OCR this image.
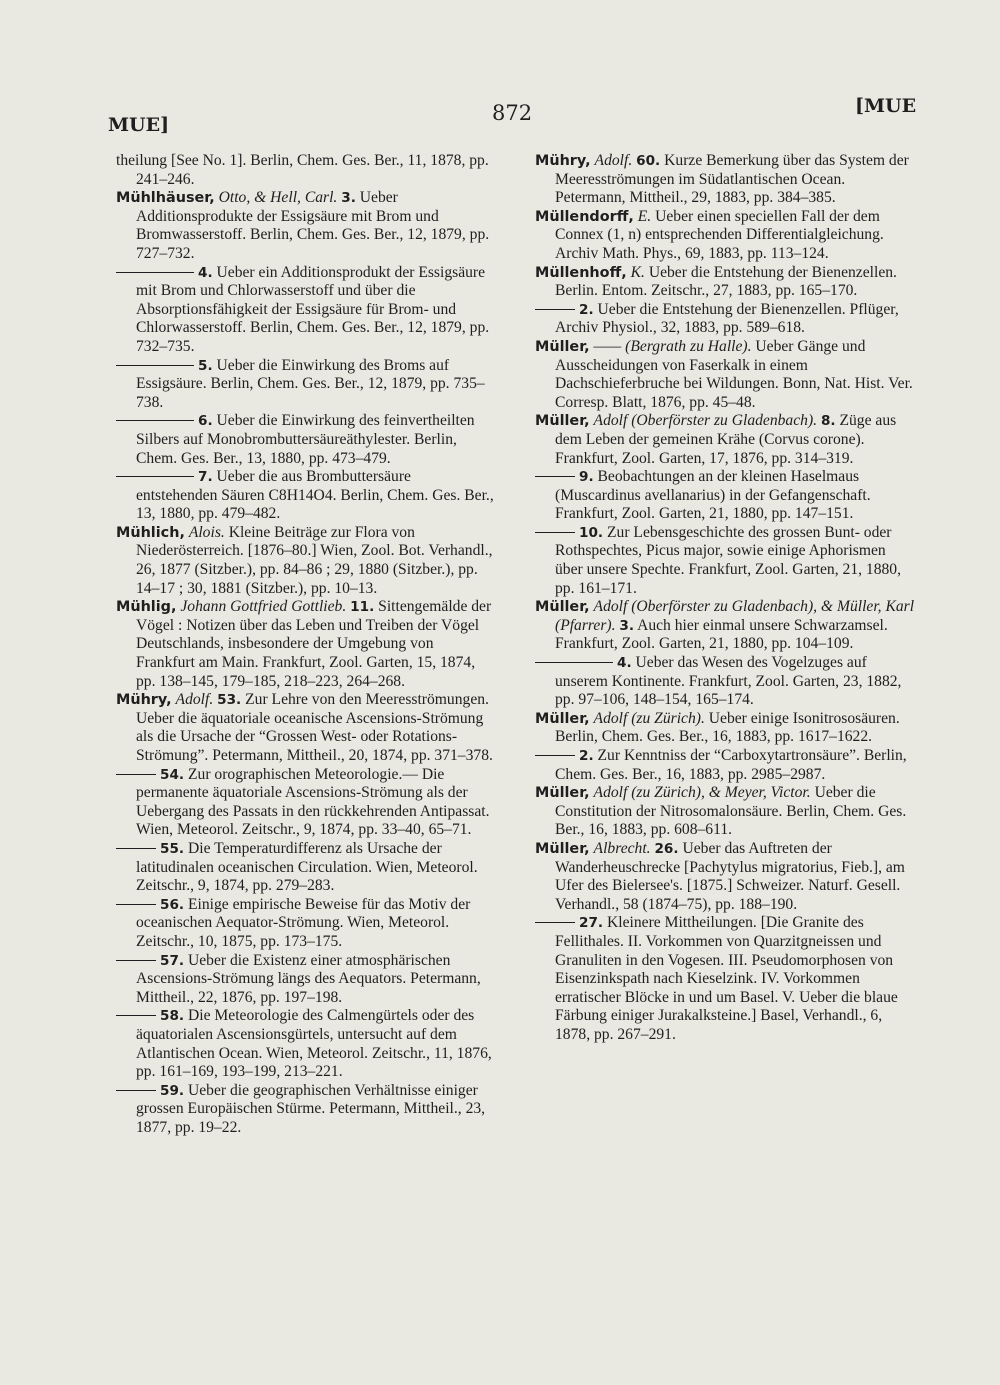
MUE]	872	[MUE

theilung [See No. 1]. Berlin, Chem. Ges. Ber., 11, 1878, pp. 241–246.

Mühlhäuser, Otto, & Hell, Carl. 3. Ueber Additionsprodukte der Essigsäure mit Brom und Bromwasserstoff. Berlin, Chem. Ges. Ber., 12, 1879, pp. 727–732.

4. Ueber ein Additionsprodukt der Essigsäure mit Brom und Chlorwasserstoff und über die Absorptionsfähigkeit der Essigsäure für Brom- und Chlorwasserstoff. Berlin, Chem. Ges. Ber., 12, 1879, pp. 732–735.

5. Ueber die Einwirkung des Broms auf Essigsäure. Berlin, Chem. Ges. Ber., 12, 1879, pp. 735–738.

6. Ueber die Einwirkung des feinvertheilten Silbers auf Monobrombuttersäureäthylester. Berlin, Chem. Ges. Ber., 13, 1880, pp. 473–479.

7. Ueber die aus Brombuttersäure entstehenden Säuren C8H14O4. Berlin, Chem. Ges. Ber., 13, 1880, pp. 479–482.

Mühlich, Alois. Kleine Beiträge zur Flora von Niederösterreich. [1876–80.] Wien, Zool. Bot. Verhandl., 26, 1877 (Sitzber.), pp. 84–86 ; 29, 1880 (Sitzber.), pp. 14–17 ; 30, 1881 (Sitzber.), pp. 10–13.

Mühlig, Johann Gottfried Gottlieb. 11. Sittengemälde der Vögel : Notizen über das Leben und Treiben der Vögel Deutschlands, insbesondere der Umgebung von Frankfurt am Main. Frankfurt, Zool. Garten, 15, 1874, pp. 138–145, 179–185, 218–223, 264–268.

Mühry, Adolf. 53. Zur Lehre von den Meeresströmungen. Ueber die äquatoriale oceanische Ascensions-Strömung als die Ursache der “Grossen West- oder Rotations-Strömung”. Petermann, Mittheil., 20, 1874, pp. 371–378.

54. Zur orographischen Meteorologie.— Die permanente äquatoriale Ascensions-Strömung als der Uebergang des Passats in den rückkehrenden Antipassat. Wien, Meteorol. Zeitschr., 9, 1874, pp. 33–40, 65–71.

55. Die Temperaturdifferenz als Ursache der latitudinalen oceanischen Circulation. Wien, Meteorol. Zeitschr., 9, 1874, pp. 279–283.

56. Einige empirische Beweise für das Motiv der oceanischen Aequator-Strömung. Wien, Meteorol. Zeitschr., 10, 1875, pp. 173–175.

57. Ueber die Existenz einer atmosphärischen Ascensions-Strömung längs des Aequators. Petermann, Mittheil., 22, 1876, pp. 197–198.

58. Die Meteorologie des Calmengürtels oder des äquatorialen Ascensionsgürtels, untersucht auf dem Atlantischen Ocean. Wien, Meteorol. Zeitschr., 11, 1876, pp. 161–169, 193–199, 213–221.

59. Ueber die geographischen Verhältnisse einiger grossen Europäischen Stürme. Petermann, Mittheil., 23, 1877, pp. 19–22.

Mühry, Adolf. 60. Kurze Bemerkung über das System der Meeresströmungen im Südatlantischen Ocean. Petermann, Mittheil., 29, 1883, pp. 384–385.

Müllendorff, E. Ueber einen speciellen Fall der dem Connex (1, n) entsprechenden Differentialgleichung. Archiv Math. Phys., 69, 1883, pp. 113–124.

Müllenhoff, K. Ueber die Entstehung der Bienenzellen. Berlin. Entom. Zeitschr., 27, 1883, pp. 165–170.

2. Ueber die Entstehung der Bienenzellen. Pflüger, Archiv Physiol., 32, 1883, pp. 589–618.

Müller, —— (Bergrath zu Halle). Ueber Gänge und Ausscheidungen von Faserkalk in einem Dachschieferbruche bei Wildungen. Bonn, Nat. Hist. Ver. Corresp. Blatt, 1876, pp. 45–48.

Müller, Adolf (Oberförster zu Gladenbach). 8. Züge aus dem Leben der gemeinen Krähe (Corvus corone). Frankfurt, Zool. Garten, 17, 1876, pp. 314–319.

9. Beobachtungen an der kleinen Haselmaus (Muscardinus avellanarius) in der Gefangenschaft. Frankfurt, Zool. Garten, 21, 1880, pp. 147–151.

10. Zur Lebensgeschichte des grossen Bunt- oder Rothspechtes, Picus major, sowie einige Aphorismen über unsere Spechte. Frankfurt, Zool. Garten, 21, 1880, pp. 161–171.

Müller, Adolf (Oberförster zu Gladenbach), & Müller, Karl (Pfarrer). 3. Auch hier einmal unsere Schwarzamsel. Frankfurt, Zool. Garten, 21, 1880, pp. 104–109.

4. Ueber das Wesen des Vogelzuges auf unserem Kontinente. Frankfurt, Zool. Garten, 23, 1882, pp. 97–106, 148–154, 165–174.

Müller, Adolf (zu Zürich). Ueber einige Isonitrososäuren. Berlin, Chem. Ges. Ber., 16, 1883, pp. 1617–1622.

2. Zur Kenntniss der “Carboxytartronsäure”. Berlin, Chem. Ges. Ber., 16, 1883, pp. 2985–2987.

Müller, Adolf (zu Zürich), & Meyer, Victor. Ueber die Constitution der Nitrosomalonsäure. Berlin, Chem. Ges. Ber., 16, 1883, pp. 608–611.

Müller, Albrecht. 26. Ueber das Auftreten der Wanderheuschrecke [Pachytylus migratorius, Fieb.], am Ufer des Bielersee's. [1875.] Schweizer. Naturf. Gesell. Verhandl., 58 (1874–75), pp. 188–190.

27. Kleinere Mittheilungen. [Die Granite des Fellithales. II. Vorkommen von Quarzitgneissen und Granuliten in den Vogesen. III. Pseudomorphosen von Eisenzinkspath nach Kieselzink. IV. Vorkommen erratischer Blöcke in und um Basel. V. Ueber die blaue Färbung einiger Jurakalksteine.] Basel, Verhandl., 6, 1878, pp. 267–291.
